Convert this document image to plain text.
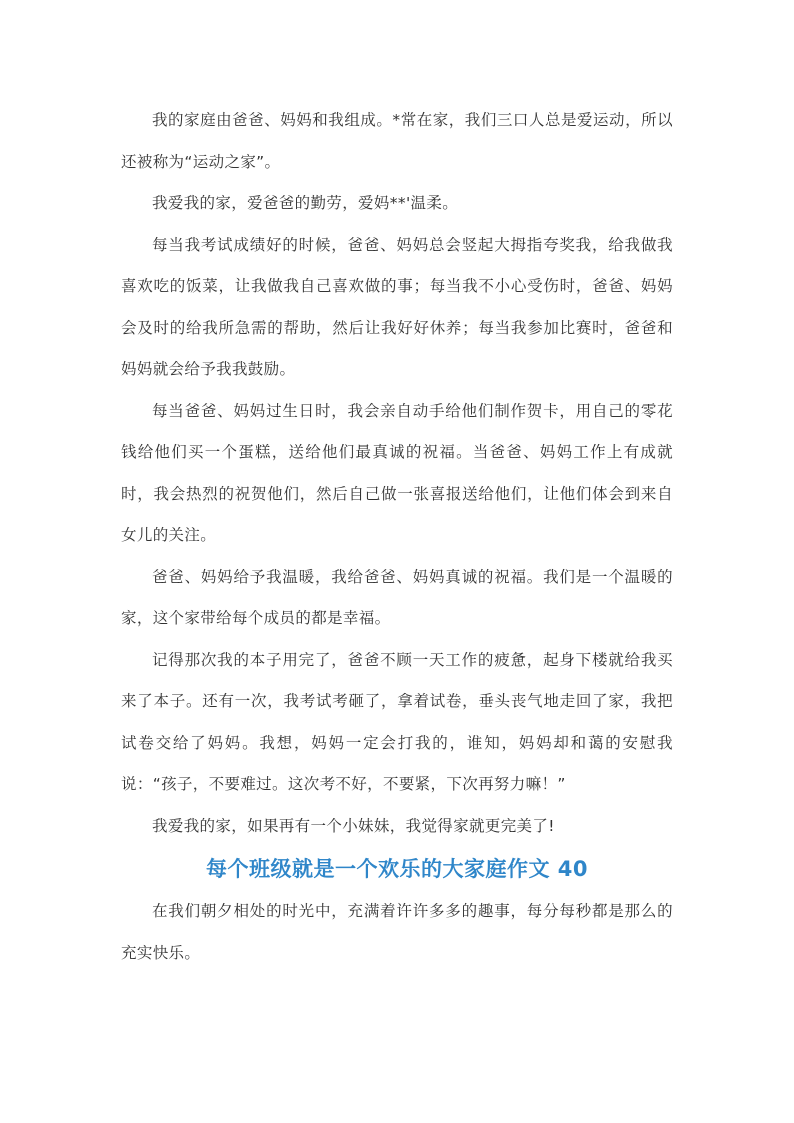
我的家庭由爸爸、妈妈和我组成。*常在家，我们三口人总是爱运动，所以还被称为“运动之家”。

我爱我的家，爱爸爸的勤劳，爱妈**'温柔。

每当我考试成绩好的时候，爸爸、妈妈总会竖起大拇指夸奖我，给我做我喜欢吃的饭菜，让我做我自己喜欢做的事；每当我不小心受伤时，爸爸、妈妈会及时的给我所急需的帮助，然后让我好好休养；每当我参加比赛时，爸爸和妈妈就会给予我我鼓励。

每当爸爸、妈妈过生日时，我会亲自动手给他们制作贺卡，用自己的零花钱给他们买一个蛋糕，送给他们最真诚的祝福。当爸爸、妈妈工作上有成就时，我会热烈的祝贺他们，然后自己做一张喜报送给他们，让他们体会到来自女儿的关注。

爸爸、妈妈给予我温暖，我给爸爸、妈妈真诚的祝福。我们是一个温暖的家，这个家带给每个成员的都是幸福。

记得那次我的本子用完了，爸爸不顾一天工作的疲惫，起身下楼就给我买来了本子。还有一次，我考试考砸了，拿着试卷，垂头丧气地走回了家，我把试卷交给了妈妈。我想，妈妈一定会打我的，谁知，妈妈却和蔼的安慰我说：“孩子，不要难过。这次考不好，不要紧，下次再努力嘛！”

我爱我的家，如果再有一个小妹妹，我觉得家就更完美了!

每个班级就是一个欢乐的大家庭作文 40

在我们朝夕相处的时光中，充满着许许多多的趣事，每分每秒都是那么的充实快乐。
